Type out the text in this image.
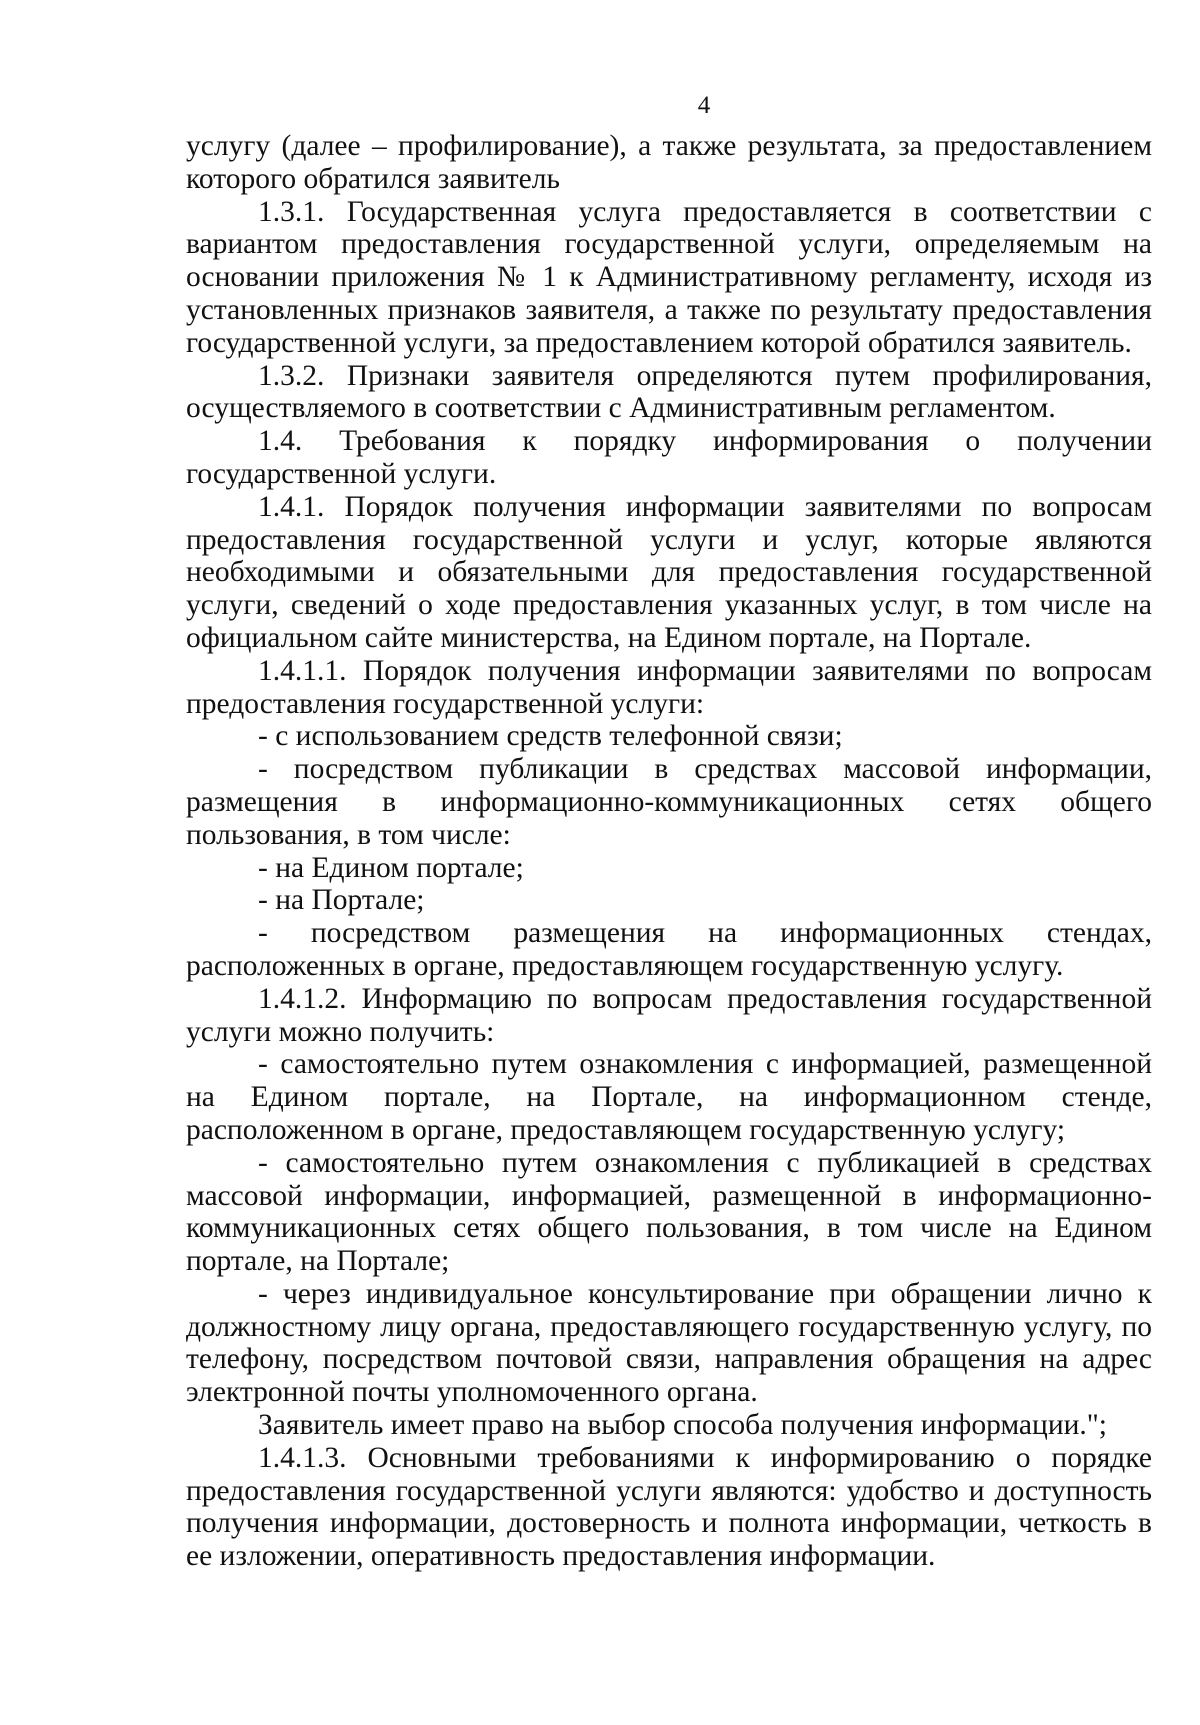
4

услугу (далее – профилирование), а также результата, за предоставлением которого обратился заявитель

1.3.1. Государственная услуга предоставляется в соответствии с вариантом предоставления государственной услуги, определяемым на основании приложения № 1 к Административному регламенту, исходя из установленных признаков заявителя, а также по результату предоставления государственной услуги, за предоставлением которой обратился заявитель.

1.3.2. Признаки заявителя определяются путем профилирования, осуществляемого в соответствии с Административным регламентом.

1.4. Требования к порядку информирования о получении государственной услуги.

1.4.1. Порядок получения информации заявителями по вопросам предоставления государственной услуги и услуг, которые являются необходимыми и обязательными для предоставления государственной услуги, сведений о ходе предоставления указанных услуг, в том числе на официальном сайте министерства, на Едином портале, на Портале.

1.4.1.1. Порядок получения информации заявителями по вопросам предоставления государственной услуги:

- с использованием средств телефонной связи;

- посредством публикации в средствах массовой информации, размещения в информационно-коммуникационных сетях общего пользования, в том числе:

- на Едином портале;

- на Портале;

- посредством размещения на информационных стендах, расположенных в органе, предоставляющем государственную услугу.

1.4.1.2. Информацию по вопросам предоставления государственной услуги можно получить:

- самостоятельно путем ознакомления с информацией, размещенной на Едином портале, на Портале, на информационном стенде, расположенном в органе, предоставляющем государственную услугу;

- самостоятельно путем ознакомления с публикацией в средствах массовой информации, информацией, размещенной в информационно-коммуникационных сетях общего пользования, в том числе на Едином портале, на Портале;

- через индивидуальное консультирование при обращении лично к должностному лицу органа, предоставляющего государственную услугу, по телефону, посредством почтовой связи, направления обращения на адрес электронной почты уполномоченного органа.

Заявитель имеет право на выбор способа получения информации.";

1.4.1.3. Основными требованиями к информированию о порядке предоставления государственной услуги являются: удобство и доступность получения информации, достоверность и полнота информации, четкость в ее изложении, оперативность предоставления информации.
